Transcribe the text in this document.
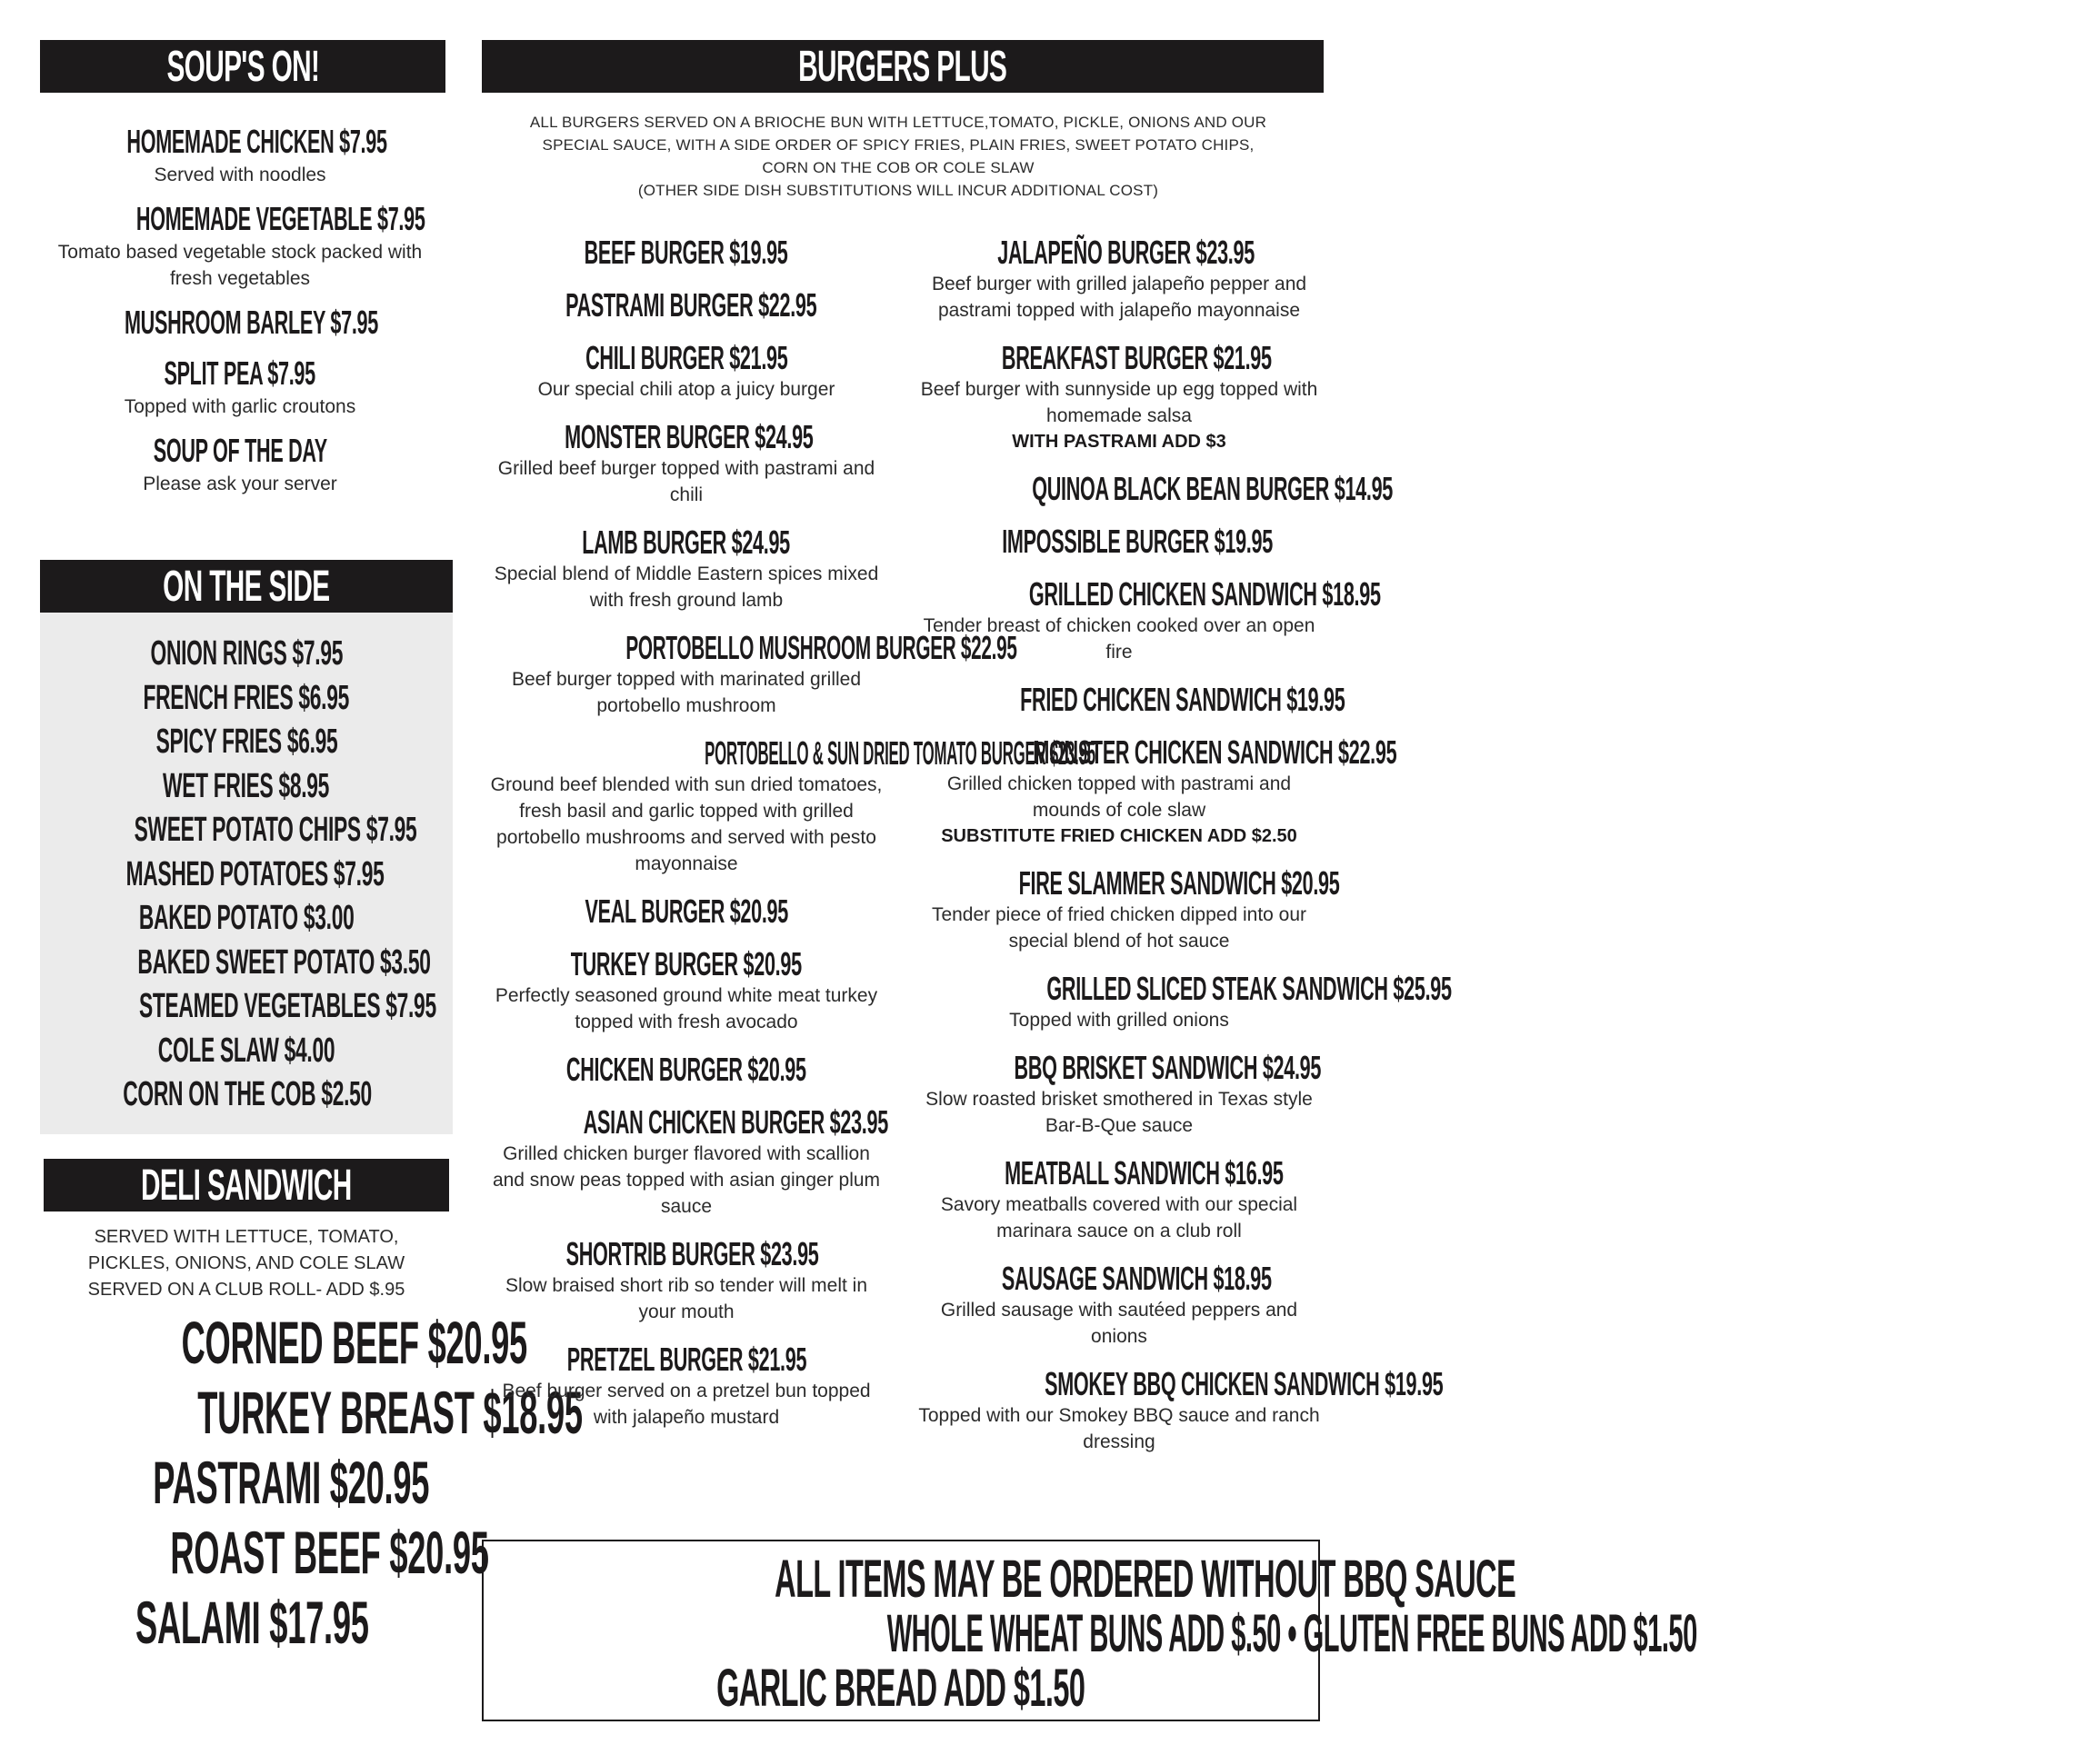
SOUP'S ON!	BURGERS PLUS
HOMEMADE CHICKEN $7.95
Served with noodles
HOMEMADE VEGETABLE $7.95
Tomato based vegetable stock packed with fresh vegetables
MUSHROOM BARLEY $7.95
SPLIT PEA $7.95
Topped with garlic croutons
SOUP OF THE DAY
Please ask your server
ON THE SIDE
ONION RINGS $7.95
FRENCH FRIES $6.95
SPICY FRIES $6.95
WET FRIES $8.95
SWEET POTATO CHIPS $7.95
MASHED POTATOES $7.95
BAKED POTATO $3.00
BAKED SWEET POTATO $3.50
STEAMED VEGETABLES $7.95
COLE SLAW $4.00
CORN ON THE COB $2.50
DELI SANDWICH
SERVED WITH LETTUCE, TOMATO,
PICKLES, ONIONS, AND COLE SLAW
SERVED ON A CLUB ROLL- ADD $.95
CORNED BEEF $20.95
TURKEY BREAST $18.95
PASTRAMI $20.95
ROAST BEEF $20.95
SALAMI $17.95
ALL BURGERS SERVED ON A BRIOCHE BUN WITH LETTUCE,TOMATO, PICKLE, ONIONS AND OUR
SPECIAL SAUCE, WITH A SIDE ORDER OF SPICY FRIES, PLAIN FRIES, SWEET POTATO CHIPS,
CORN ON THE COB OR COLE SLAW
(OTHER SIDE DISH SUBSTITUTIONS WILL INCUR ADDITIONAL COST)
BEEF BURGER $19.95
PASTRAMI BURGER $22.95
CHILI BURGER $21.95
Our special chili atop a juicy burger
MONSTER BURGER $24.95
Grilled beef burger topped with pastrami and chili
LAMB BURGER $24.95
Special blend of Middle Eastern spices mixed with fresh ground lamb
PORTOBELLO MUSHROOM BURGER $22.95
Beef burger topped with marinated grilled portobello mushroom
PORTOBELLO & SUN DRIED TOMATO BURGER $23.95
Ground beef blended with sun dried tomatoes, fresh basil and garlic topped with grilled portobello mushrooms and served with pesto mayonnaise
VEAL BURGER $20.95
TURKEY BURGER $20.95
Perfectly seasoned ground white meat turkey topped with fresh avocado
CHICKEN BURGER $20.95
ASIAN CHICKEN BURGER $23.95
Grilled chicken burger flavored with scallion and snow peas topped with asian ginger plum sauce
SHORTRIB BURGER $23.95
Slow braised short rib so tender will melt in your mouth
PRETZEL BURGER $21.95
Beef burger served on a pretzel bun topped with jalapeño mustard
JALAPEÑO BURGER $23.95
Beef burger with grilled jalapeño pepper and pastrami topped with jalapeño mayonnaise
BREAKFAST BURGER $21.95
Beef burger with sunnyside up egg topped with homemade salsa
WITH PASTRAMI ADD $3
QUINOA BLACK BEAN BURGER $14.95
IMPOSSIBLE BURGER $19.95
GRILLED CHICKEN SANDWICH $18.95
Tender breast of chicken cooked over an open fire
FRIED CHICKEN SANDWICH $19.95
MONSTER CHICKEN SANDWICH $22.95
Grilled chicken topped with pastrami and mounds of cole slaw
SUBSTITUTE FRIED CHICKEN ADD $2.50
FIRE SLAMMER SANDWICH $20.95
Tender piece of fried chicken dipped into our special blend of hot sauce
GRILLED SLICED STEAK SANDWICH $25.95
Topped with grilled onions
BBQ BRISKET SANDWICH $24.95
Slow roasted brisket smothered in Texas style Bar-B-Que sauce
MEATBALL SANDWICH $16.95
Savory meatballs covered with our special marinara sauce on a club roll
SAUSAGE SANDWICH $18.95
Grilled sausage with sautéed peppers and onions
SMOKEY BBQ CHICKEN SANDWICH $19.95
Topped with our Smokey BBQ sauce and ranch dressing
ALL ITEMS MAY BE ORDERED WITHOUT BBQ SAUCE
WHOLE WHEAT BUNS ADD $.50 • GLUTEN FREE BUNS ADD $1.50
GARLIC BREAD ADD $1.50
